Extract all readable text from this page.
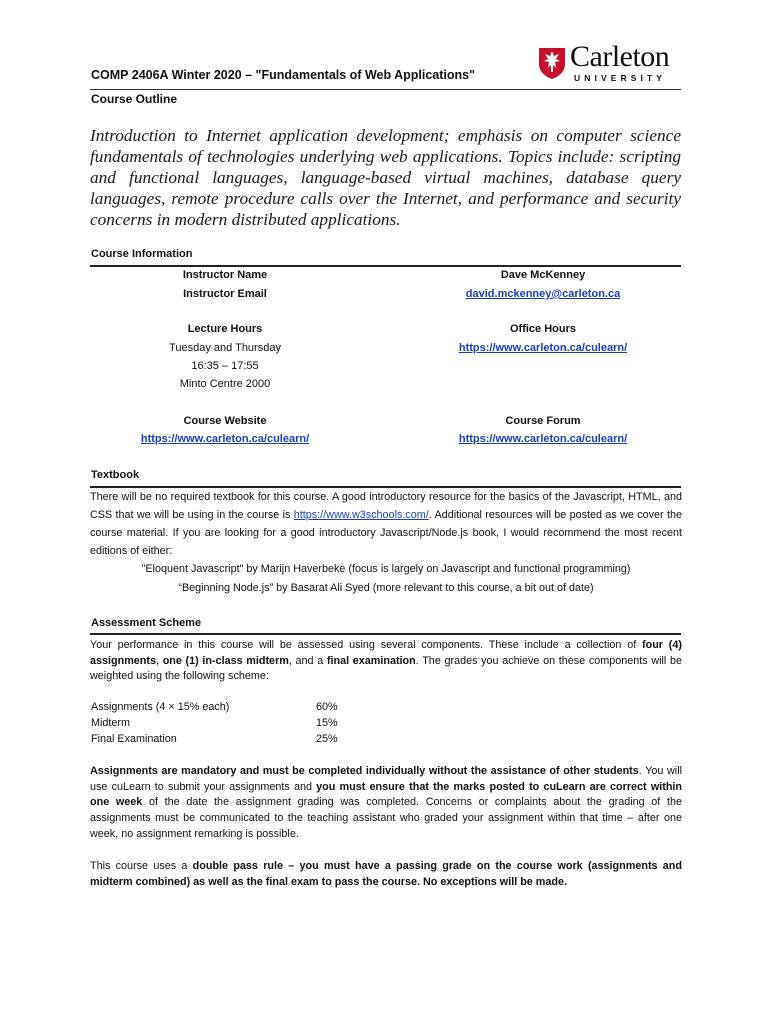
COMP 2406A Winter 2020 – "Fundamentals of Web Applications"
Course Outline
Carleton
UNIVERSITY
Introduction to Internet application development; emphasis on computer science fundamentals of technologies underlying web applications. Topics include: scripting and functional languages, language-based virtual machines, database query languages, remote procedure calls over the Internet, and performance and security concerns in modern distributed applications.
Course Information
Instructor Name	Dave McKenney
Instructor Email	david.mckenney@carleton.ca
Lecture Hours
Tuesday and Thursday
16:35 – 17:55
Minto Centre 2000
Office Hours
https://www.carleton.ca/culearn/
Course Website
https://www.carleton.ca/culearn/
Course Forum
https://www.carleton.ca/culearn/
Textbook
There will be no required textbook for this course. A good introductory resource for the basics of the Javascript, HTML, and CSS that we will be using in the course is https://www.w3schools.com/. Additional resources will be posted as we cover the course material. If you are looking for a good introductory Javascript/Node.js book, I would recommend the most recent editions of either:
"Eloquent Javascript" by Marijn Haverbeke (focus is largely on Javascript and functional programming)
“Beginning Node.js” by Basarat Ali Syed (more relevant to this course, a bit out of date)
Assessment Scheme
Your performance in this course will be assessed using several components. These include a collection of four (4) assignments, one (1) in-class midterm, and a final examination. The grades you achieve on these components will be weighted using the following scheme:
Assignments (4 × 15% each)	60%
Midterm	15%
Final Examination	25%
Assignments are mandatory and must be completed individually without the assistance of other students. You will use cuLearn to submit your assignments and you must ensure that the marks posted to cuLearn are correct within one week of the date the assignment grading was completed. Concerns or complaints about the grading of the assignments must be communicated to the teaching assistant who graded your assignment within that time – after one week, no assignment remarking is possible.
This course uses a double pass rule – you must have a passing grade on the course work (assignments and midterm combined) as well as the final exam to pass the course. No exceptions will be made.
